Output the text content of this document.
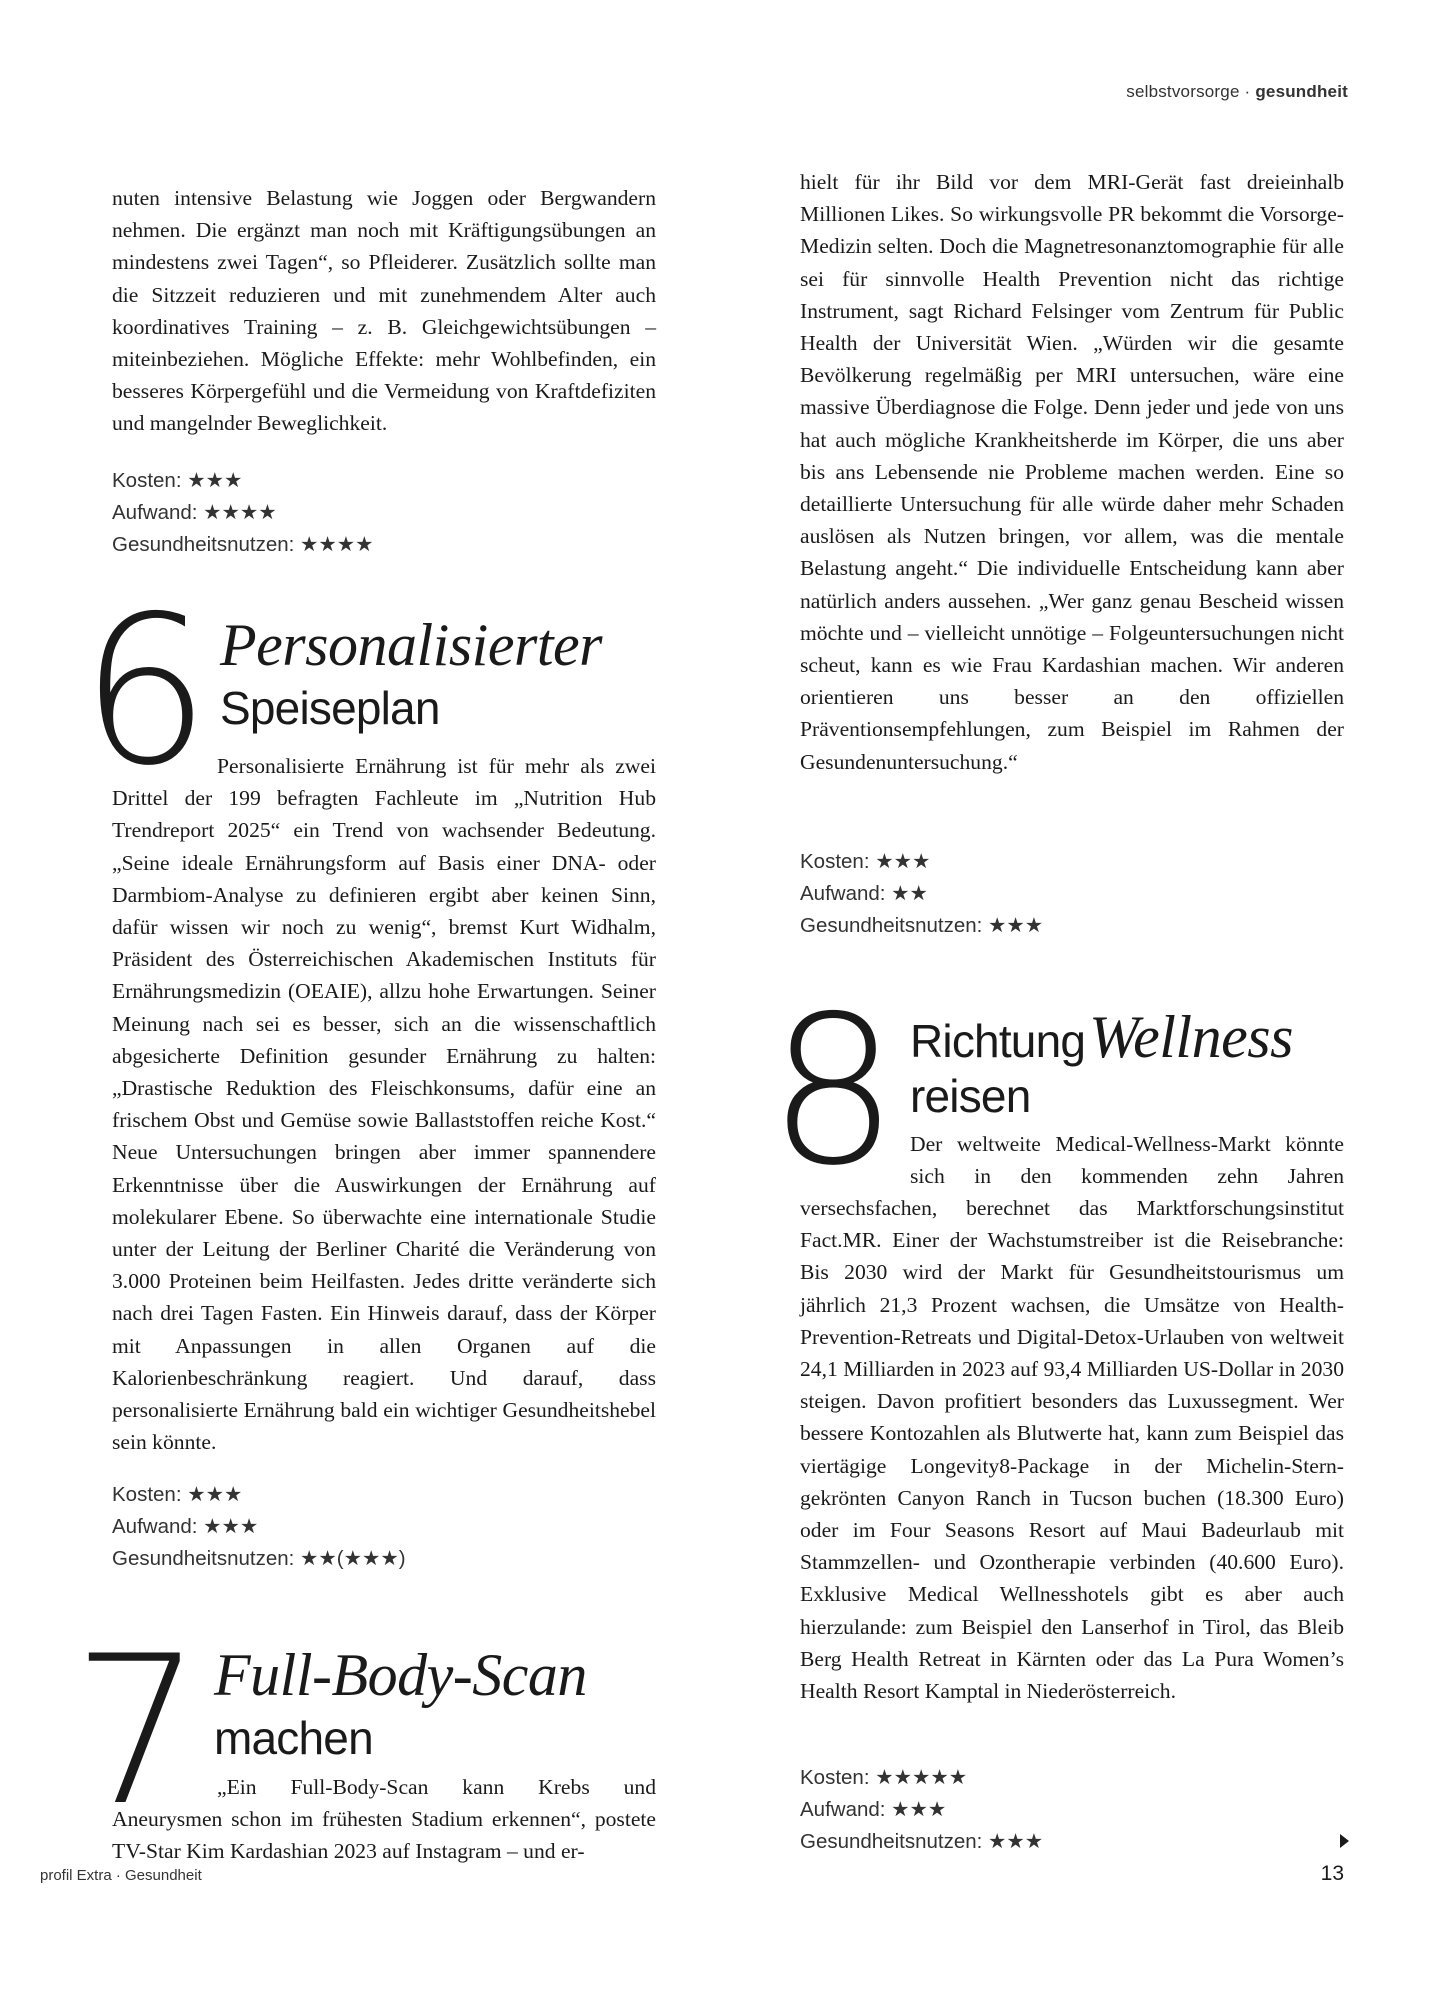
selbstvorsorge · gesundheit

nuten intensive Belastung wie Joggen oder Bergwandern nehmen. Die ergänzt man noch mit Kräftigungsübungen an mindestens zwei Tagen“, so Pfleiderer. Zusätzlich sollte man die Sitzzeit reduzieren und mit zunehmendem Alter auch koordinatives Training – z. B. Gleichgewichtsübungen – miteinbeziehen. Mögliche Effekte: mehr Wohlbefinden, ein besseres Körpergefühl und die Vermeidung von Kraftdefiziten und mangelnder Beweglichkeit.

Kosten: ★★★
Aufwand: ★★★★
Gesundheitsnutzen: ★★★★
6 Personalisierter
Speiseplan

Personalisierte Ernährung ist für mehr als zwei Drittel der 199 befragten Fachleute im „Nutrition Hub Trendreport 2025“ ein Trend von wachsender Bedeutung. „Seine ideale Ernährungsform auf Basis einer DNA- oder Darmbiom-Analyse zu definieren ergibt aber keinen Sinn, dafür wissen wir noch zu wenig“, bremst Kurt Widhalm, Präsident des Österreichischen Akademischen Instituts für Ernährungsmedizin (OEAIE), allzu hohe Erwartungen. Seiner Meinung nach sei es besser, sich an die wissenschaftlich abgesicherte Definition gesunder Ernährung zu halten: „Drastische Reduktion des Fleischkonsums, dafür eine an frischem Obst und Gemüse sowie Ballaststoffen reiche Kost.“ Neue Untersuchungen bringen aber immer spannendere Erkenntnisse über die Auswirkungen der Ernährung auf molekularer Ebene. So überwachte eine internationale Studie unter der Leitung der Berliner Charité die Veränderung von 3.000 Proteinen beim Heilfasten. Jedes dritte veränderte sich nach drei Tagen Fasten. Ein Hinweis darauf, dass der Körper mit Anpassungen in allen Organen auf die Kalorienbeschränkung reagiert. Und darauf, dass personalisierte Ernährung bald ein wichtiger Gesundheitshebel sein könnte.

Kosten: ★★★
Aufwand: ★★★
Gesundheitsnutzen: ★★(★★★)
7 Full-Body-Scan
machen

„Ein Full-Body-Scan kann Krebs und Aneurysmen schon im frühesten Stadium erkennen“, postete TV-Star Kim Kardashian 2023 auf Instagram – und er-

hielt für ihr Bild vor dem MRI-Gerät fast dreieinhalb Millionen Likes. So wirkungsvolle PR bekommt die Vorsorge-Medizin selten. Doch die Magnetresonanztomographie für alle sei für sinnvolle Health Prevention nicht das richtige Instrument, sagt Richard Felsinger vom Zentrum für Public Health der Universität Wien. „Würden wir die gesamte Bevölkerung regelmäßig per MRI untersuchen, wäre eine massive Überdiagnose die Folge. Denn jeder und jede von uns hat auch mögliche Krankheitsherde im Körper, die uns aber bis ans Lebensende nie Probleme machen werden. Eine so detaillierte Untersuchung für alle würde daher mehr Schaden auslösen als Nutzen bringen, vor allem, was die mentale Belastung angeht.“ Die individuelle Entscheidung kann aber natürlich anders aussehen. „Wer ganz genau Bescheid wissen möchte und – vielleicht unnötige – Folgeuntersuchungen nicht scheut, kann es wie Frau Kardashian machen. Wir anderen orientieren uns besser an den offiziellen Präventionsempfehlungen, zum Beispiel im Rahmen der Gesundenuntersuchung.“

Kosten: ★★★
Aufwand: ★★
Gesundheitsnutzen: ★★★
8 Richtung Wellness
reisen

Der weltweite Medical-Wellness-Markt könnte sich in den kommenden zehn Jahren

versechsfachen, berechnet das Marktforschungsinstitut Fact.MR. Einer der Wachstumstreiber ist die Reisebranche: Bis 2030 wird der Markt für Gesundheitstourismus um jährlich 21,3 Prozent wachsen, die Umsätze von Health-Prevention-Retreats und Digital-Detox-Urlauben von weltweit 24,1 Milliarden in 2023 auf 93,4 Milliarden US-Dollar in 2030 steigen. Davon profitiert besonders das Luxussegment. Wer bessere Kontozahlen als Blutwerte hat, kann zum Beispiel das viertägige Longevity8-Package in der Michelin-Stern-gekrönten Canyon Ranch in Tucson buchen (18.300 Euro) oder im Four Seasons Resort auf Maui Badeurlaub mit Stammzellen- und Ozontherapie verbinden (40.600 Euro). Exklusive Medical Wellnesshotels gibt es aber auch hierzulande: zum Beispiel den Lanserhof in Tirol, das Bleib Berg Health Retreat in Kärnten oder das La Pura Women’s Health Resort Kamptal in Niederösterreich.

Kosten: ★★★★★
Aufwand: ★★★
Gesundheitsnutzen: ★★★
profil Extra · Gesundheit	13
